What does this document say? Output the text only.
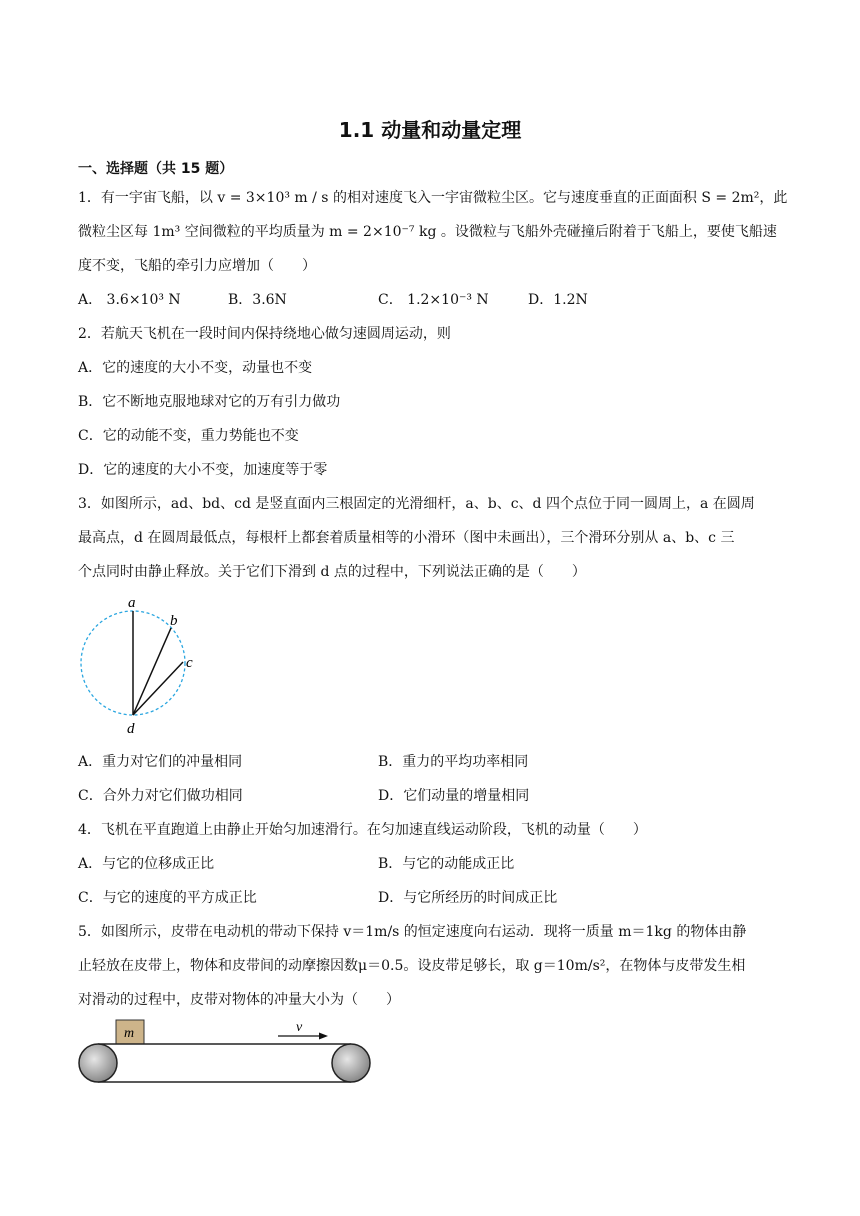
1.1 动量和动量定理
一、选择题（共 15 题）
1．有一宇宙飞船，以 v = 3×10³ m / s 的相对速度飞入一宇宙微粒尘区。它与速度垂直的正面面积 S = 2m²，此
微粒尘区每 1m³ 空间微粒的平均质量为 m = 2×10⁻⁷ kg 。设微粒与飞船外壳碰撞后附着于飞船上，要使飞船速
度不变，飞船的牵引力应增加（　　）
A． 3.6×10³ N	B．3.6N	C． 1.2×10⁻³ N	D．1.2N
2．若航天飞机在一段时间内保持绕地心做匀速圆周运动，则
A．它的速度的大小不变，动量也不变
B．它不断地克服地球对它的万有引力做功
C．它的动能不变，重力势能也不变
D．它的速度的大小不变，加速度等于零
3．如图所示，ad、bd、cd 是竖直面内三根固定的光滑细杆，a、b、c、d 四个点位于同一圆周上，a 在圆周
最高点，d 在圆周最低点，每根杆上都套着质量相等的小滑环（图中未画出），三个滑环分别从 a、b、c 三
个点同时由静止释放。关于它们下滑到 d 点的过程中，下列说法正确的是（　　）
a
b
c
d
A．重力对它们的冲量相同	B．重力的平均功率相同
C．合外力对它们做功相同	D．它们动量的增量相同
4．飞机在平直跑道上由静止开始匀加速滑行。在匀加速直线运动阶段，飞机的动量（　　）
A．与它的位移成正比	B．与它的动能成正比
C．与它的速度的平方成正比	D．与它所经历的时间成正比
5．如图所示，皮带在电动机的带动下保持 v＝1m/s 的恒定速度向右运动．现将一质量 m＝1kg 的物体由静
止轻放在皮带上，物体和皮带间的动摩擦因数μ＝0.5。设皮带足够长，取 g＝10m/s²，在物体与皮带发生相
对滑动的过程中，皮带对物体的冲量大小为（　　）
m	v
